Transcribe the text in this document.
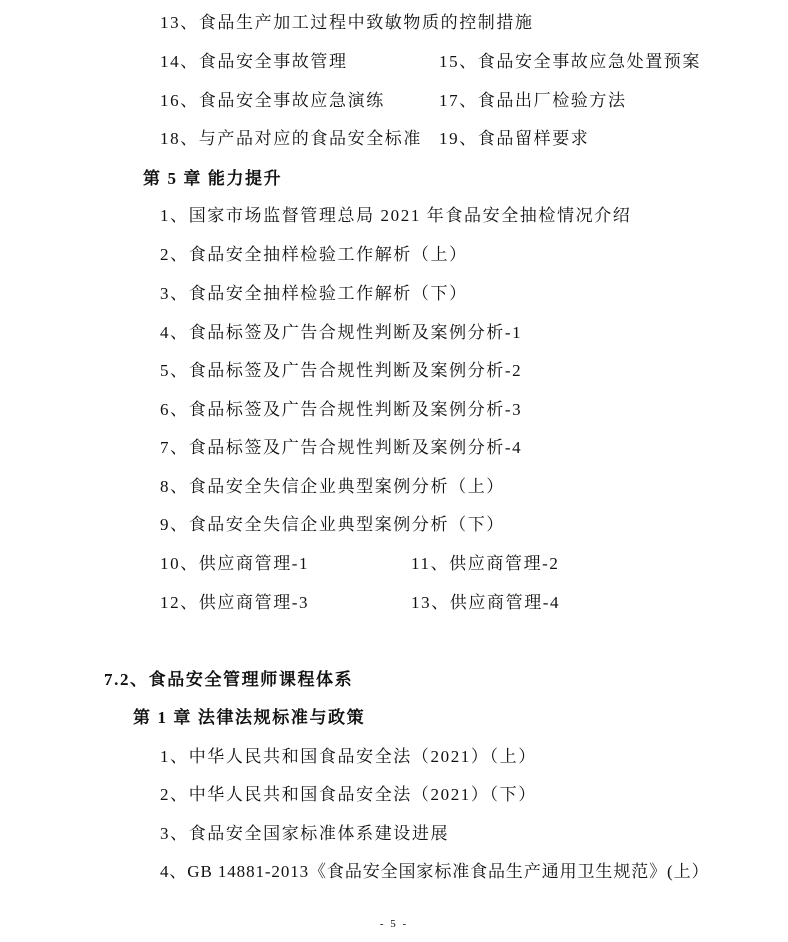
13、食品生产加工过程中致敏物质的控制措施
14、食品安全事故管理	15、食品安全事故应急处置预案
16、食品安全事故应急演练	17、食品出厂检验方法
18、与产品对应的食品安全标准 19、食品留样要求
第 5 章 能力提升
1、国家市场监督管理总局 2021 年食品安全抽检情况介绍
2、食品安全抽样检验工作解析（上）
3、食品安全抽样检验工作解析（下）
4、食品标签及广告合规性判断及案例分析-1
5、食品标签及广告合规性判断及案例分析-2
6、食品标签及广告合规性判断及案例分析-3
7、食品标签及广告合规性判断及案例分析-4
8、食品安全失信企业典型案例分析（上）
9、食品安全失信企业典型案例分析（下）
10、供应商管理-1	11、供应商管理-2
12、供应商管理-3	13、供应商管理-4
7.2、食品安全管理师课程体系
第 1 章 法律法规标准与政策
1、中华人民共和国食品安全法（2021）（上）
2、中华人民共和国食品安全法（2021）（下）
3、食品安全国家标准体系建设进展
4、GB 14881-2013《食品安全国家标准食品生产通用卫生规范》(上）
- 5 -
